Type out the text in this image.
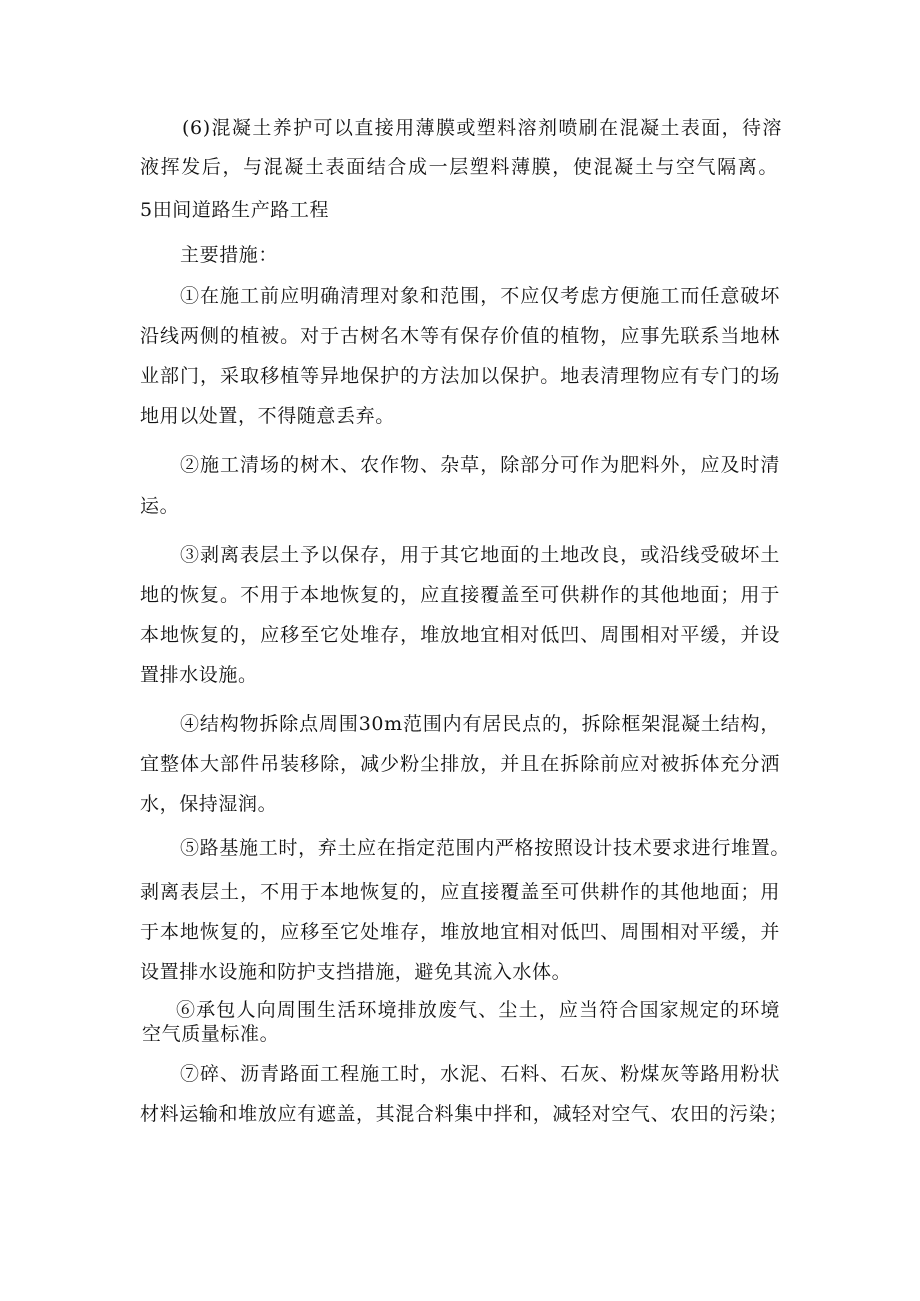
(6)混凝土养护可以直接用薄膜或塑料溶剂喷刷在混凝土表面，待溶
液挥发后，与混凝土表面结合成一层塑料薄膜，使混凝土与空气隔离。
5田间道路生产路工程
主要措施：
①在施工前应明确清理对象和范围，不应仅考虑方便施工而任意破坏
沿线两侧的植被。对于古树名木等有保存价值的植物，应事先联系当地林
业部门，采取移植等异地保护的方法加以保护。地表清理物应有专门的场
地用以处置，不得随意丢弃。
②施工清场的树木、农作物、杂草，除部分可作为肥料外，应及时清
运。
③剥离表层土予以保存，用于其它地面的土地改良，或沿线受破坏土
地的恢复。不用于本地恢复的，应直接覆盖至可供耕作的其他地面；用于
本地恢复的，应移至它处堆存，堆放地宜相对低凹、周围相对平缓，并设
置排水设施。
④结构物拆除点周围30m范围内有居民点的，拆除框架混凝土结构，
宜整体大部件吊装移除，减少粉尘排放，并且在拆除前应对被拆体充分洒
水，保持湿润。
⑤路基施工时，弃土应在指定范围内严格按照设计技术要求进行堆置。
剥离表层土，不用于本地恢复的，应直接覆盖至可供耕作的其他地面；用
于本地恢复的，应移至它处堆存，堆放地宜相对低凹、周围相对平缓，并
设置排水设施和防护支挡措施，避免其流入水体。
⑥承包人向周围生活环境排放废气、尘土，应当符合国家规定的环境
空气质量标准。
⑦碎、沥青路面工程施工时，水泥、石料、石灰、粉煤灰等路用粉状
材料运输和堆放应有遮盖，其混合料集中拌和，减轻对空气、农田的污染；
